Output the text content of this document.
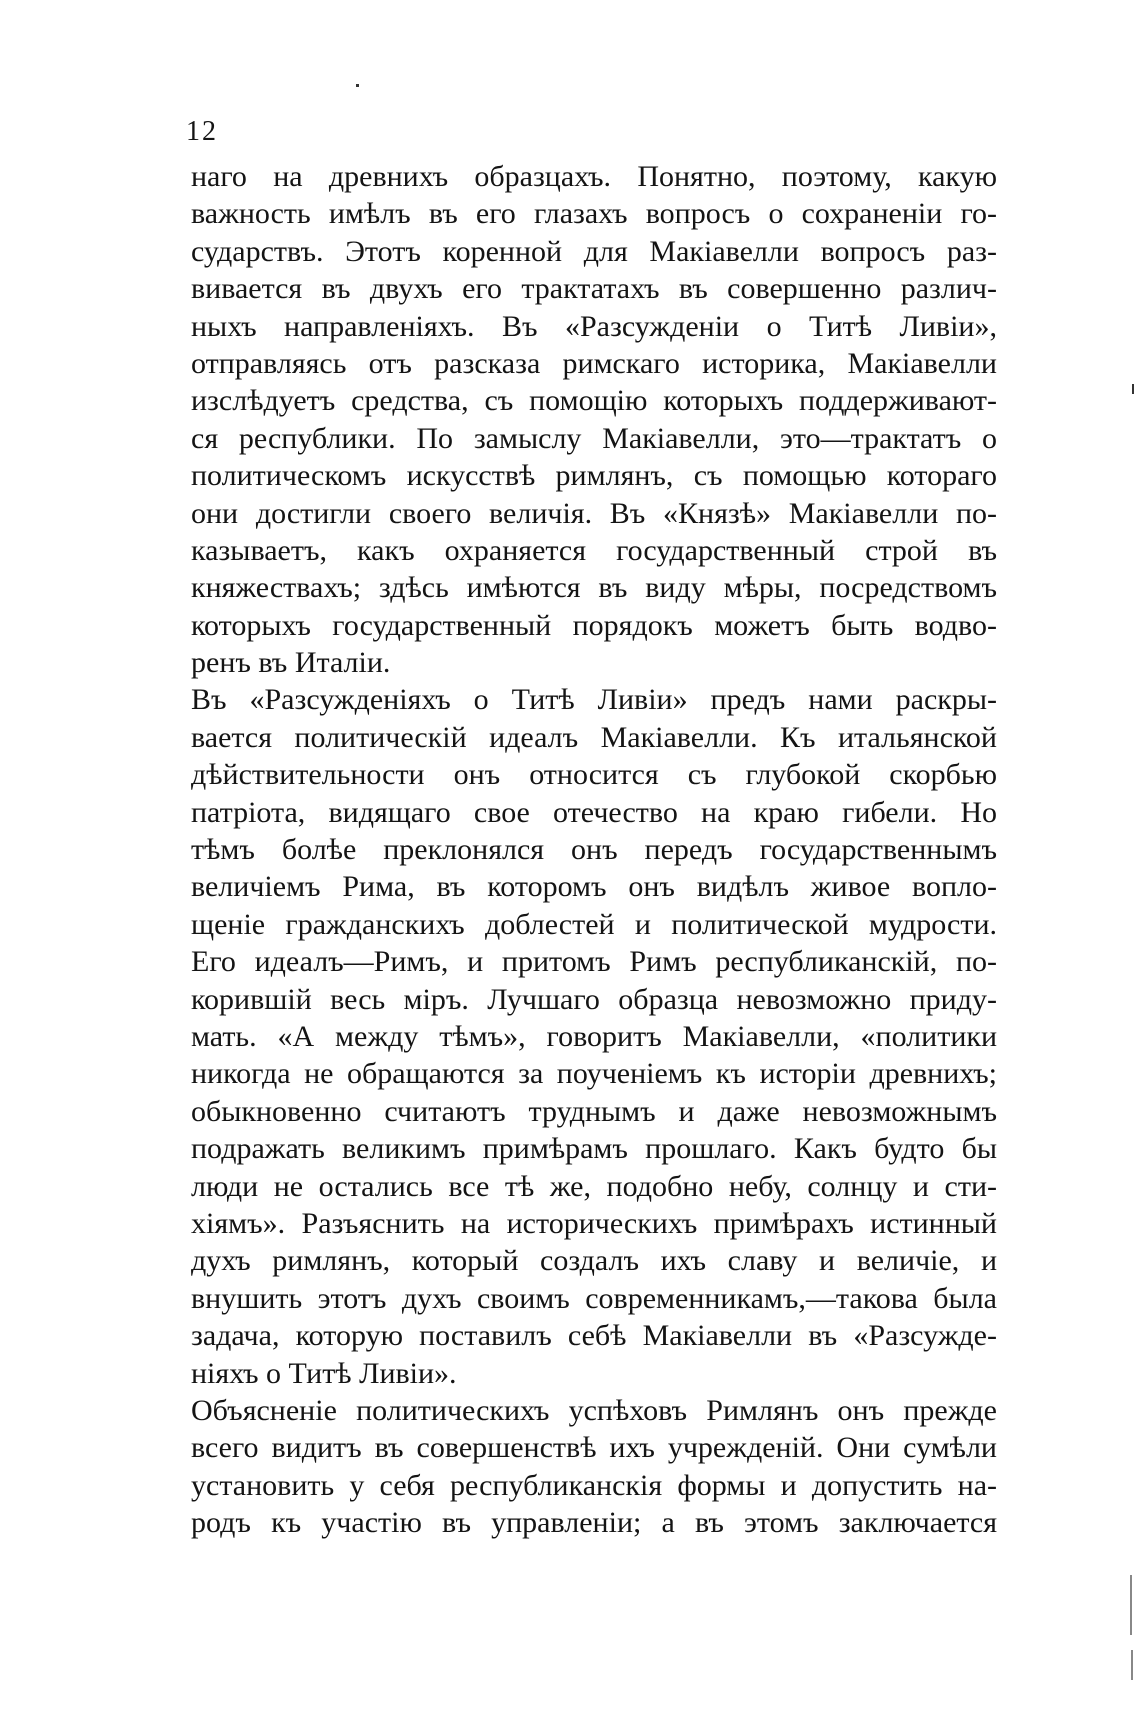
12
наго на древнихъ образцахъ. Понятно, поэтому, какую
важность имѣлъ въ его глазахъ вопросъ о сохраненіи го-
сударствъ. Этотъ коренной для Макіавелли вопросъ раз-
вивается въ двухъ его трактатахъ въ совершенно различ-
ныхъ направленіяхъ. Въ «Разсужденіи о Титѣ Ливіи»,
отправляясь отъ разсказа римскаго историка, Макіавелли
изслѣдуетъ средства, съ помощію которыхъ поддерживают-
ся республики. По замыслу Макіавелли, это—трактатъ о
политическомъ искусствѣ римлянъ, съ помощью котораго
они достигли своего величія. Въ «Князѣ» Макіавелли по-
казываетъ, какъ охраняется государственный строй въ
княжествахъ; здѣсь имѣются въ виду мѣры, посредствомъ
которыхъ государственный порядокъ можетъ быть водво-
ренъ въ Италіи.
Въ «Разсужденіяхъ о Титѣ Ливіи» предъ нами раскры-
вается политическій идеалъ Макіавелли. Къ итальянской
дѣйствительности онъ относится съ глубокой скорбью
патріота, видящаго свое отечество на краю гибели. Но
тѣмъ болѣе преклонялся онъ передъ государственнымъ
величіемъ Рима, въ которомъ онъ видѣлъ живое вопло-
щеніе гражданскихъ доблестей и политической мудрости.
Его идеалъ—Римъ, и притомъ Римъ республиканскій, по-
корившій весь міръ. Лучшаго образца невозможно приду-
мать. «А между тѣмъ», говоритъ Макіавелли, «политики
никогда не обращаются за поученіемъ къ исторіи древнихъ;
обыкновенно считаютъ труднымъ и даже невозможнымъ
подражать великимъ примѣрамъ прошлаго. Какъ будто бы
люди не остались все тѣ же, подобно небу, солнцу и сти-
хіямъ». Разъяснить на историческихъ примѣрахъ истинный
духъ римлянъ, который создалъ ихъ славу и величіе, и
внушить этотъ духъ своимъ современникамъ,—такова была
задача, которую поставилъ себѣ Макіавелли въ «Разсужде-
ніяхъ о Титѣ Ливіи».
Объясненіе политическихъ успѣховъ Римлянъ онъ прежде
всего видитъ въ совершенствѣ ихъ учрежденій. Они сумѣли
установить у себя республиканскія формы и допустить на-
родъ къ участію въ управленіи; а въ этомъ заключается
